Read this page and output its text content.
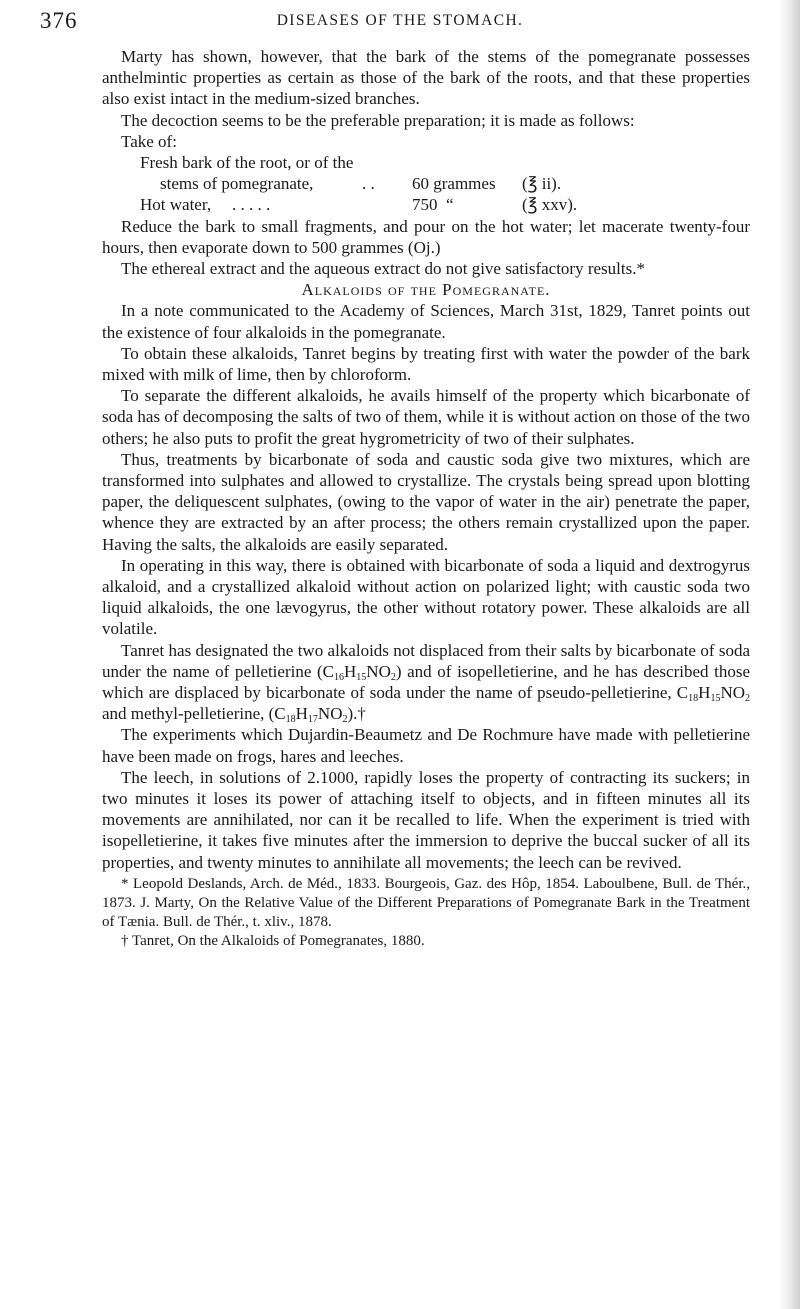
376	DISEASES OF THE STOMACH.

Marty has shown, however, that the bark of the stems of the pomegranate possesses anthelmintic properties as certain as those of the bark of the roots, and that these properties also exist intact in the medium-sized branches.

The decoction seems to be the preferable preparation; it is made as follows:

Take of:
Fresh bark of the root, or of the
stems of pomegranate,	. . 60 grammes (℥ ii).
Hot water, . . . . .	750  “	(℥ xxv).

Reduce the bark to small fragments, and pour on the hot water; let macerate twenty-four hours, then evaporate down to 500 grammes (Oj.)

The ethereal extract and the aqueous extract do not give satisfactory results.*

Alkaloids of the Pomegranate.

In a note communicated to the Academy of Sciences, March 31st, 1829, Tanret points out the existence of four alkaloids in the pomegranate.

To obtain these alkaloids, Tanret begins by treating first with water the powder of the bark mixed with milk of lime, then by chloroform.

To separate the different alkaloids, he avails himself of the property which bicarbonate of soda has of decomposing the salts of two of them, while it is without action on those of the two others; he also puts to profit the great hygrometricity of two of their sulphates.

Thus, treatments by bicarbonate of soda and caustic soda give two mixtures, which are transformed into sulphates and allowed to crystallize. The crystals being spread upon blotting paper, the deliquescent sulphates, (owing to the vapor of water in the air) penetrate the paper, whence they are extracted by an after process; the others remain crystallized upon the paper. Having the salts, the alkaloids are easily separated.

In operating in this way, there is obtained with bicarbonate of soda a liquid and dextrogyrus alkaloid, and a crystallized alkaloid without action on polarized light; with caustic soda two liquid alkaloids, the one lævogyrus, the other without rotatory power. These alkaloids are all volatile.

Tanret has designated the two alkaloids not displaced from their salts by bicarbonate of soda under the name of pelletierine $(C_{16}H_{15}NO_2)$ and of isopelletierine, and he has described those which are displaced by bicarbonate of soda under the name of pseudo-pelletierine, $C_{18}H_{15}NO_2$ and methyl-pelletierine, $(C_{18}H_{17}NO_2).\dagger$

The experiments which Dujardin-Beaumetz and De Rochmure have made with pelletierine have been made on frogs, hares and leeches.

The leech, in solutions of 2.1000, rapidly loses the property of contracting its suckers; in two minutes it loses its power of attaching itself to objects, and in fifteen minutes all its movements are annihilated, nor can it be recalled to life. When the experiment is tried with isopelletierine, it takes five minutes after the immersion to deprive the buccal sucker of all its properties, and twenty minutes to annihilate all movements; the leech can be revived.

* Leopold Deslands, Arch. de Méd., 1833. Bourgeois, Gaz. des Hôp, 1854. Laboulbene, Bull. de Thér., 1873. J. Marty, On the Relative Value of the Different Preparations of Pomegranate Bark in the Treatment of Tænia. Bull. de Thér., t. xliv., 1878.

† Tanret, On the Alkaloids of Pomegranates, 1880.
